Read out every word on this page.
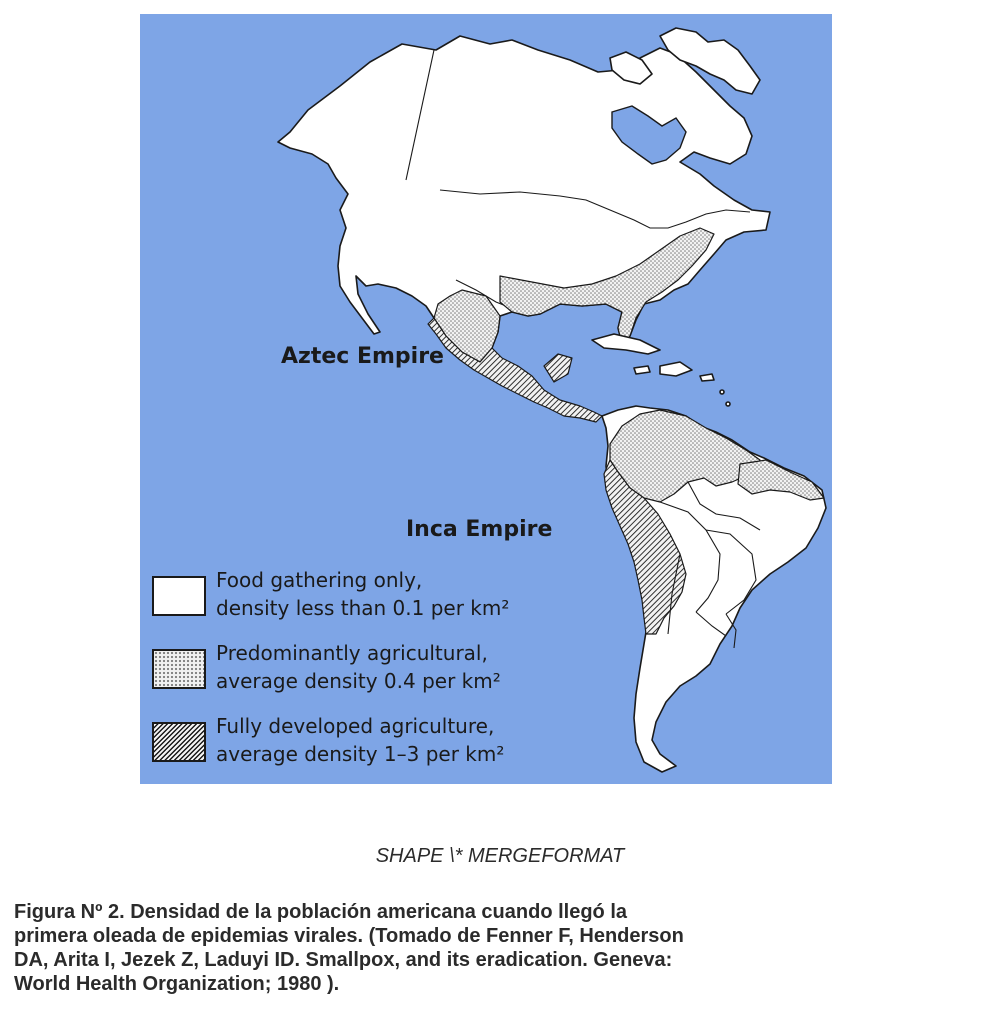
Aztec Empire
Inca Empire
Food gathering only,
density less than 0.1 per km²
Predominantly agricultural,
average density 0.4 per km²
Fully developed agriculture,
average density 1–3 per km²
SHAPE \* MERGEFORMAT
Figura Nº 2. Densidad de la población americana cuando llegó la
primera oleada de epidemias virales. (Tomado de Fenner F, Henderson
DA, Arita I, Jezek Z, Laduyi ID. Smallpox, and its eradication. Geneva:
World Health Organization; 1980 ).
